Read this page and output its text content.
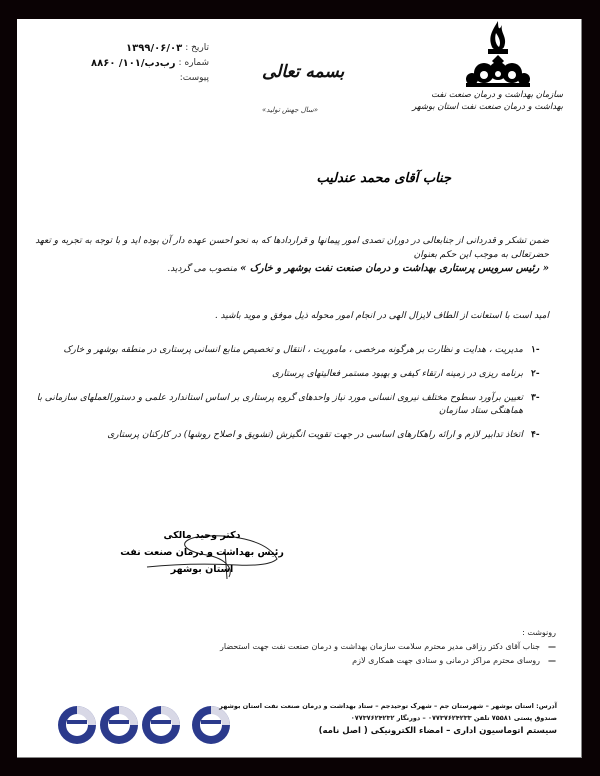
سازمان بهداشت و درمان صنعت نفت
بهداشت و درمان صنعت نفت استان بوشهر
بسمه تعالی
«سال جهش تولید»
تاریخ :
۱۳۹۹/۰۶/۰۳
شماره :
رب‌دب/۱۰۱/ ۸۸۶۰
پیوست:
جناب آقای محمد عندلیب
ضمن تشکر و قدردانی از جنابعالی در دوران تصدی امور پیمانها و قراردادها که به نحو احسن عهده دار آن بوده اید و با توجه به تجربه و تعهد حضرتعالی به موجب این حکم بعنوان
« رئیس سرویس پرستاری بهداشت و درمان صنعت نفت بوشهر و خارک » منصوب می گردید.
امید است با استعانت از الطاف لایزال الهی در انجام امور محوله ذیل موفق و موید باشید .
۱-
مدیریت ، هدایت و نظارت بر هرگونه مرخصی ، ماموریت ، انتقال و تخصیص منابع انسانی پرستاری در منطقه بوشهر و خارک
۲-
برنامه ریزی در زمینه ارتقاء کیفی و بهبود مستمر فعالیتهای پرستاری
۳-
تعیین برآورد سطوح مختلف نیروی انسانی مورد نیاز واحدهای گروه پرستاری بر اساس استاندارد علمی و دستورالعملهای سازمانی با هماهنگی ستاد سازمان
۴-
اتخاذ تدابیر لازم و ارائه راهکارهای اساسی در جهت تقویت انگیزش (تشویق و اصلاح روشها) در کارکنان پرستاری
دکتر وحید مالکی
رئیس بهداشت و درمان صنعت نفت استان بوشهر
رونوشت :
—
جناب آقای دکتر رزاقی مدیر محترم سلامت سازمان بهداشت و درمان صنعت نفت جهت استحضار
—
روسای محترم مراکز درمانی و ستادی جهت همکاری لازم
آدرس: استان بوشهر – شهرستان جم – شهرک توحیدجم – ستاد بهداشت و درمان صنعت نفت استان بوشهر
صندوق پستی ۷۵۵۸۱ تلفن ۰۷۷۳۷۶۲۴۲۳۳ – دورنگار ۰۷۷۳۷۶۲۴۲۳۲
سیستم اتوماسیون اداری – امضاء الکترونیکی ( اصل نامه)
